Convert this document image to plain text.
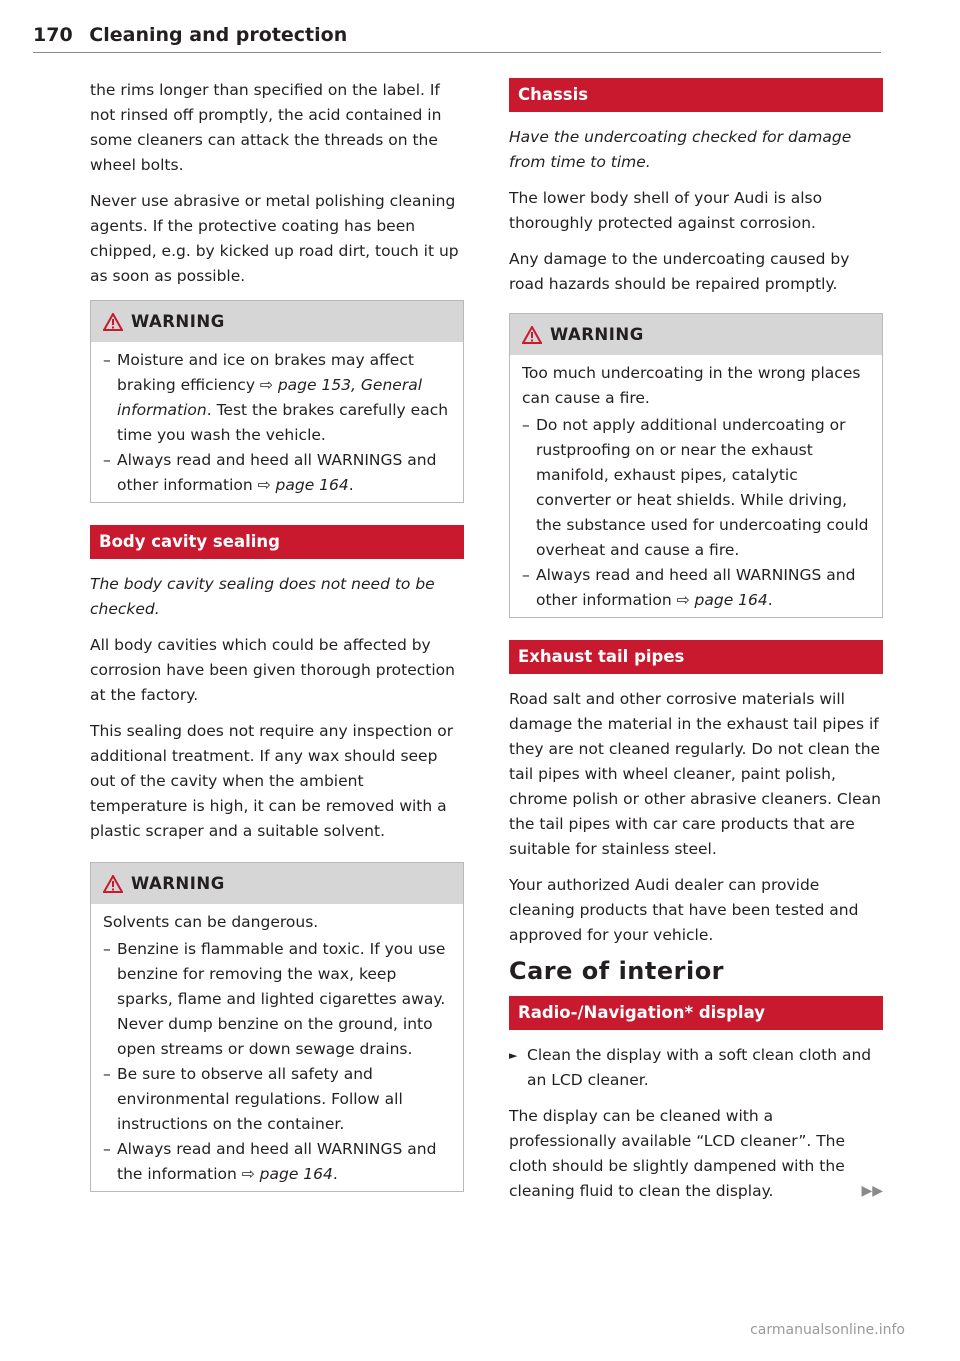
170 Cleaning and protection

the rims longer than specified on the label. If not rinsed off promptly, the acid contained in some cleaners can attack the threads on the wheel bolts.

Never use abrasive or metal polishing cleaning agents. If the protective coating has been chipped, e.g. by kicked up road dirt, touch it up as soon as possible.

WARNING
– Moisture and ice on brakes may affect braking efficiency ⇨ page 153, General information. Test the brakes carefully each time you wash the vehicle.
– Always read and heed all WARNINGS and other information ⇨ page 164.
Body cavity sealing

The body cavity sealing does not need to be checked.

All body cavities which could be affected by corrosion have been given thorough protection at the factory.

This sealing does not require any inspection or additional treatment. If any wax should seep out of the cavity when the ambient temperature is high, it can be removed with a plastic scraper and a suitable solvent.

WARNING

Solvents can be dangerous.

– Benzine is flammable and toxic. If you use benzine for removing the wax, keep sparks, flame and lighted cigarettes away. Never dump benzine on the ground, into open streams or down sewage drains.
– Be sure to observe all safety and environmental regulations. Follow all instructions on the container.
– Always read and heed all WARNINGS and the information ⇨ page 164.
Chassis

Have the undercoating checked for damage from time to time.

The lower body shell of your Audi is also thoroughly protected against corrosion.

Any damage to the undercoating caused by road hazards should be repaired promptly.

WARNING

Too much undercoating in the wrong places can cause a fire.

– Do not apply additional undercoating or rustproofing on or near the exhaust manifold, exhaust pipes, catalytic converter or heat shields. While driving, the substance used for undercoating could overheat and cause a fire.
– Always read and heed all WARNINGS and other information ⇨ page 164.
Exhaust tail pipes

Road salt and other corrosive materials will damage the material in the exhaust tail pipes if they are not cleaned regularly. Do not clean the tail pipes with wheel cleaner, paint polish, chrome polish or other abrasive cleaners. Clean the tail pipes with car care products that are suitable for stainless steel.

Your authorized Audi dealer can provide cleaning products that have been tested and approved for your vehicle.

Care of interior
Radio-/Navigation* display

► Clean the display with a soft clean cloth and an LCD cleaner.

The display can be cleaned with a professionally available “LCD cleaner”. The cloth should be slightly dampened with the cleaning fluid to clean the display.	▶▶

carmanualsonline.info
